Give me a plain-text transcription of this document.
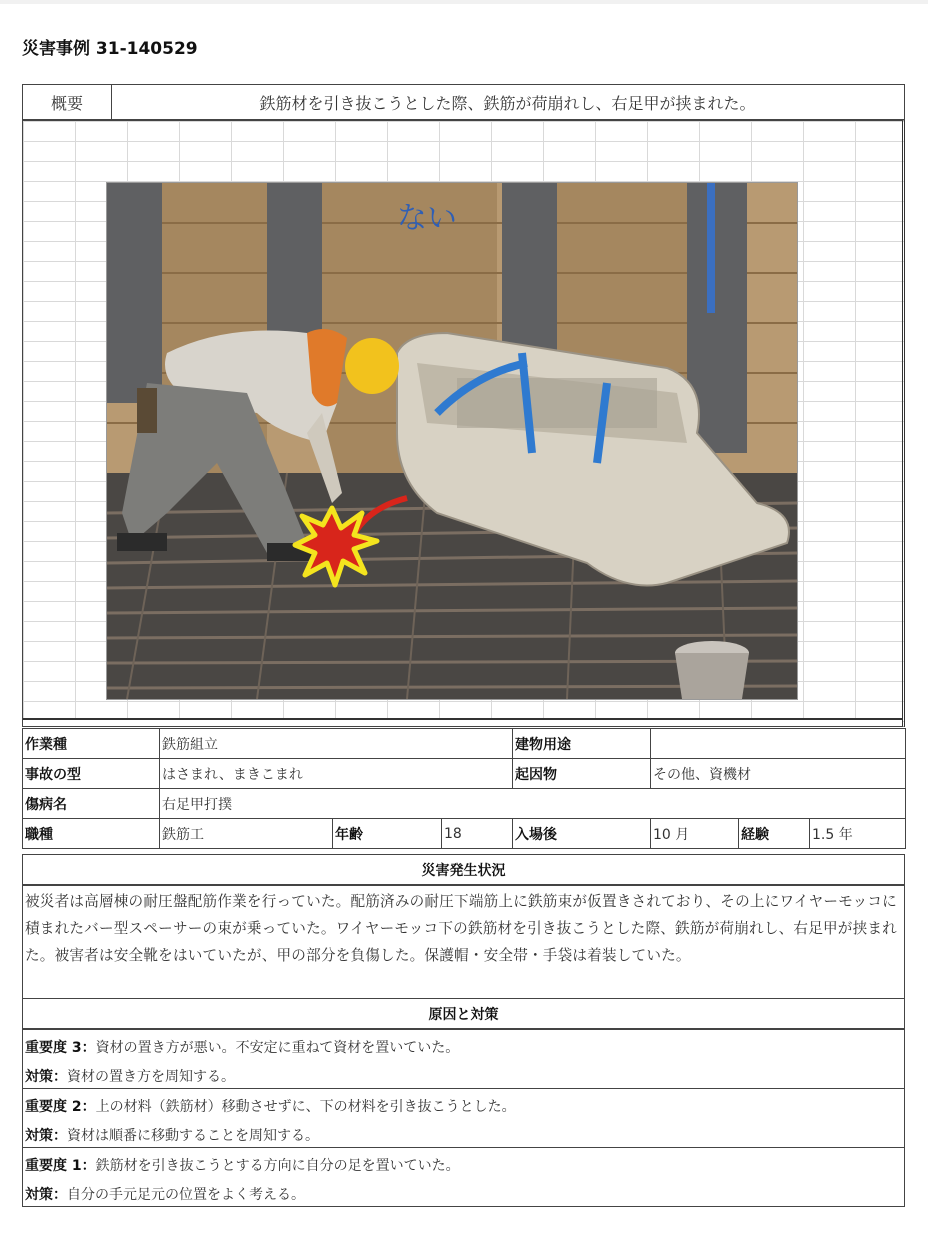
災害事例 31-140529
概要	鉄筋材を引き抜こうとした際、鉄筋が荷崩れし、右足甲が挟まれた。
ない
作業種	鉄筋組立			建物用途			
事故の型	はさまれ、まきこまれ			起因物	その他、資機材		
傷病名	右足甲打撲						
職種	鉄筋工	年齢	18	入場後	10 月	経験	1.5 年
災害発生状況
被災者は高層棟の耐圧盤配筋作業を行っていた。配筋済みの耐圧下端筋上に鉄筋束が仮置きされており、その上にワイヤーモッコに積まれたバー型スペーサーの束が乗っていた。ワイヤーモッコ下の鉄筋材を引き抜こうとした際、鉄筋が荷崩れし、右足甲が挟まれた。被害者は安全靴をはいていたが、甲の部分を負傷した。保護帽・安全帯・手袋は着装していた。
原因と対策
重要度 3：資材の置き方が悪い。不安定に重ねて資材を置いていた。
対策：資材の置き方を周知する。
重要度 2：上の材料（鉄筋材）移動させずに、下の材料を引き抜こうとした。
対策：資材は順番に移動することを周知する。
重要度 1：鉄筋材を引き抜こうとする方向に自分の足を置いていた。
対策：自分の手元足元の位置をよく考える。
